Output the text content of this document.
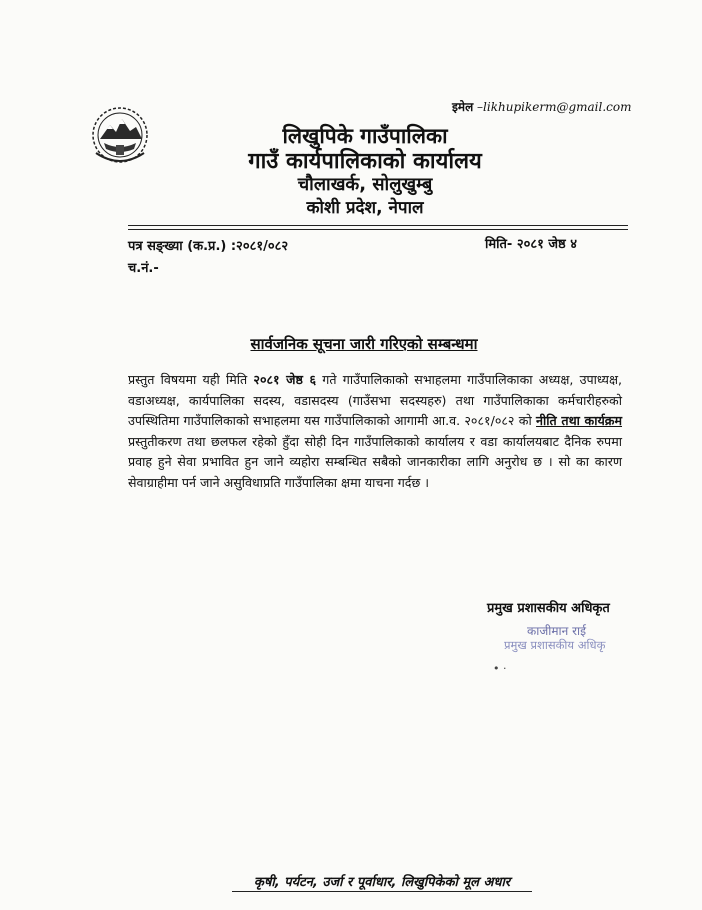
इमेल –likhupikerm@gmail.com
लिखुपिके गाउँपालिका
गाउँ कार्यपालिकाको कार्यालय
चौलाखर्क, सोलुखुम्बु
कोशी प्रदेश, नेपाल
पत्र सङ्ख्या (क.प्र.) :२०८१/०८२	मिति- २०८१ जेष्ठ ४
च.नं.-
सार्वजनिक सूचना जारी गरिएको सम्बन्धमा
प्रस्तुत विषयमा यही मिति २०८१ जेष्ठ ६ गते गाउँपालिकाको सभाहलमा गाउँपालिकाका अध्यक्ष, उपाध्यक्ष, वडाअध्यक्ष, कार्यपालिका सदस्य, वडासदस्य (गाउँसभा सदस्यहरु) तथा गाउँपालिकाका कर्मचारीहरुको उपस्थितिमा गाउँपालिकाको सभाहलमा यस गाउँपालिकाको आगामी आ.व. २०८१/०८२ को नीति तथा कार्यक्रम प्रस्तुतीकरण तथा छलफल रहेको हुँदा सोही दिन गाउँपालिकाको कार्यालय र वडा कार्यालयबाट दैनिक रुपमा प्रवाह हुने सेवा प्रभावित हुन जाने व्यहोरा सम्बन्धित सबैको जानकारीका लागि अनुरोध छ । सो का कारण सेवाग्राहीमा पर्न जाने असुविधाप्रति गाउँपालिका क्षमा याचना गर्दछ ।
प्रमुख प्रशासकीय अधिकृत
काजीमान राई
प्रमुख प्रशासकीय अधिकृ
• ·
कृषी, पर्यटन, उर्जा र पूर्वाधार, लिखुपिकेको मूल अधार
